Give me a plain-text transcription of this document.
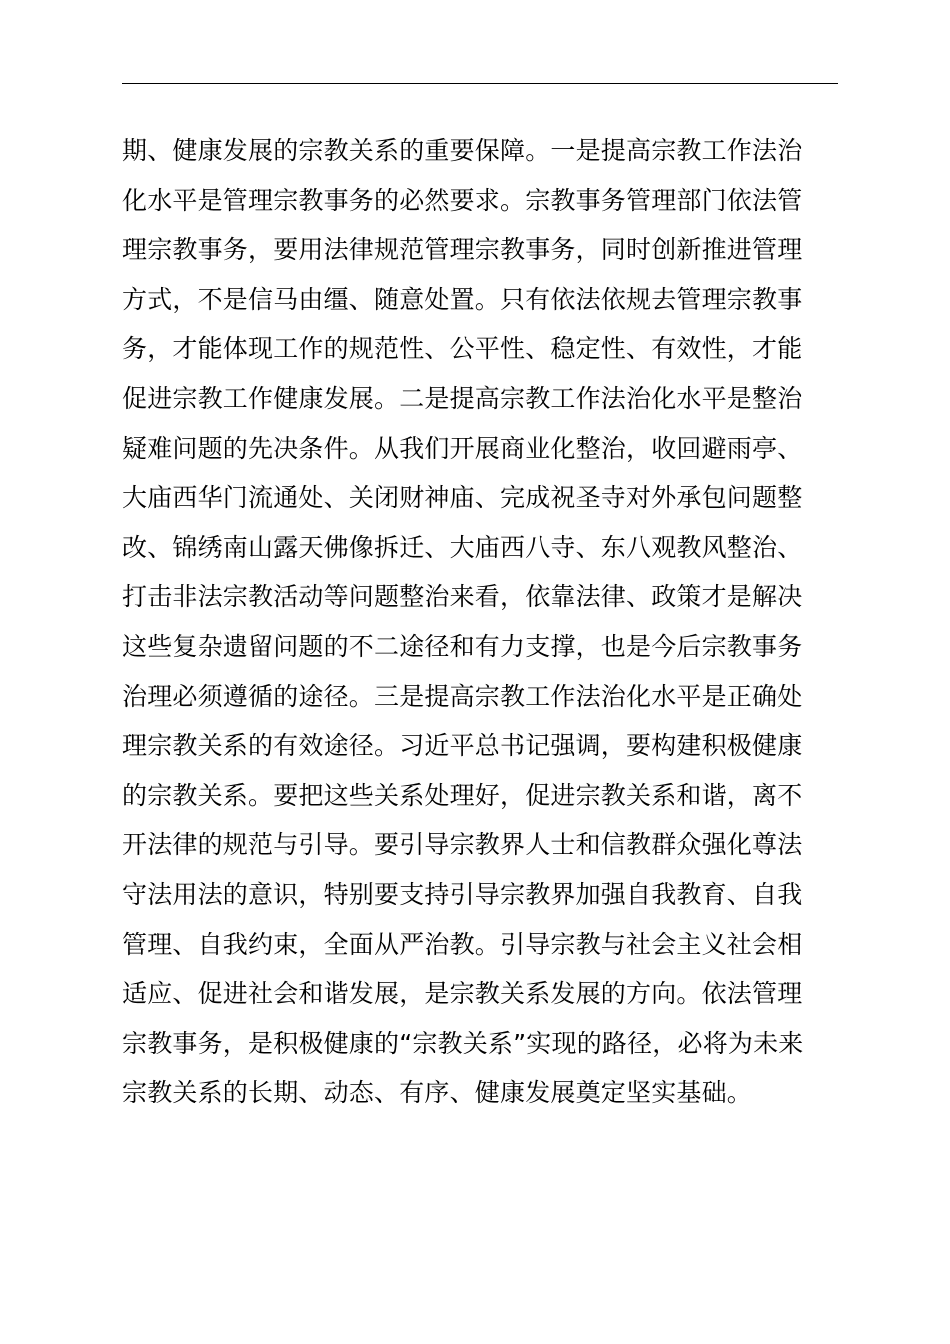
期、健康发展的宗教关系的重要保障。一是提高宗教工作法治
化水平是管理宗教事务的必然要求。宗教事务管理部门依法管
理宗教事务，要用法律规范管理宗教事务，同时创新推进管理
方式，不是信马由缰、随意处置。只有依法依规去管理宗教事
务，才能体现工作的规范性、公平性、稳定性、有效性，才能
促进宗教工作健康发展。二是提高宗教工作法治化水平是整治
疑难问题的先决条件。从我们开展商业化整治，收回避雨亭、
大庙西华门流通处、关闭财神庙、完成祝圣寺对外承包问题整
改、锦绣南山露天佛像拆迁、大庙西八寺、东八观教风整治、
打击非法宗教活动等问题整治来看，依靠法律、政策才是解决
这些复杂遗留问题的不二途径和有力支撑，也是今后宗教事务
治理必须遵循的途径。三是提高宗教工作法治化水平是正确处
理宗教关系的有效途径。习近平总书记强调，要构建积极健康
的宗教关系。要把这些关系处理好，促进宗教关系和谐，离不
开法律的规范与引导。要引导宗教界人士和信教群众强化尊法
守法用法的意识，特别要支持引导宗教界加强自我教育、自我
管理、自我约束，全面从严治教。引导宗教与社会主义社会相
适应、促进社会和谐发展，是宗教关系发展的方向。依法管理
宗教事务，是积极健康的“宗教关系”实现的路径，必将为未来
宗教关系的长期、动态、有序、健康发展奠定坚实基础。
